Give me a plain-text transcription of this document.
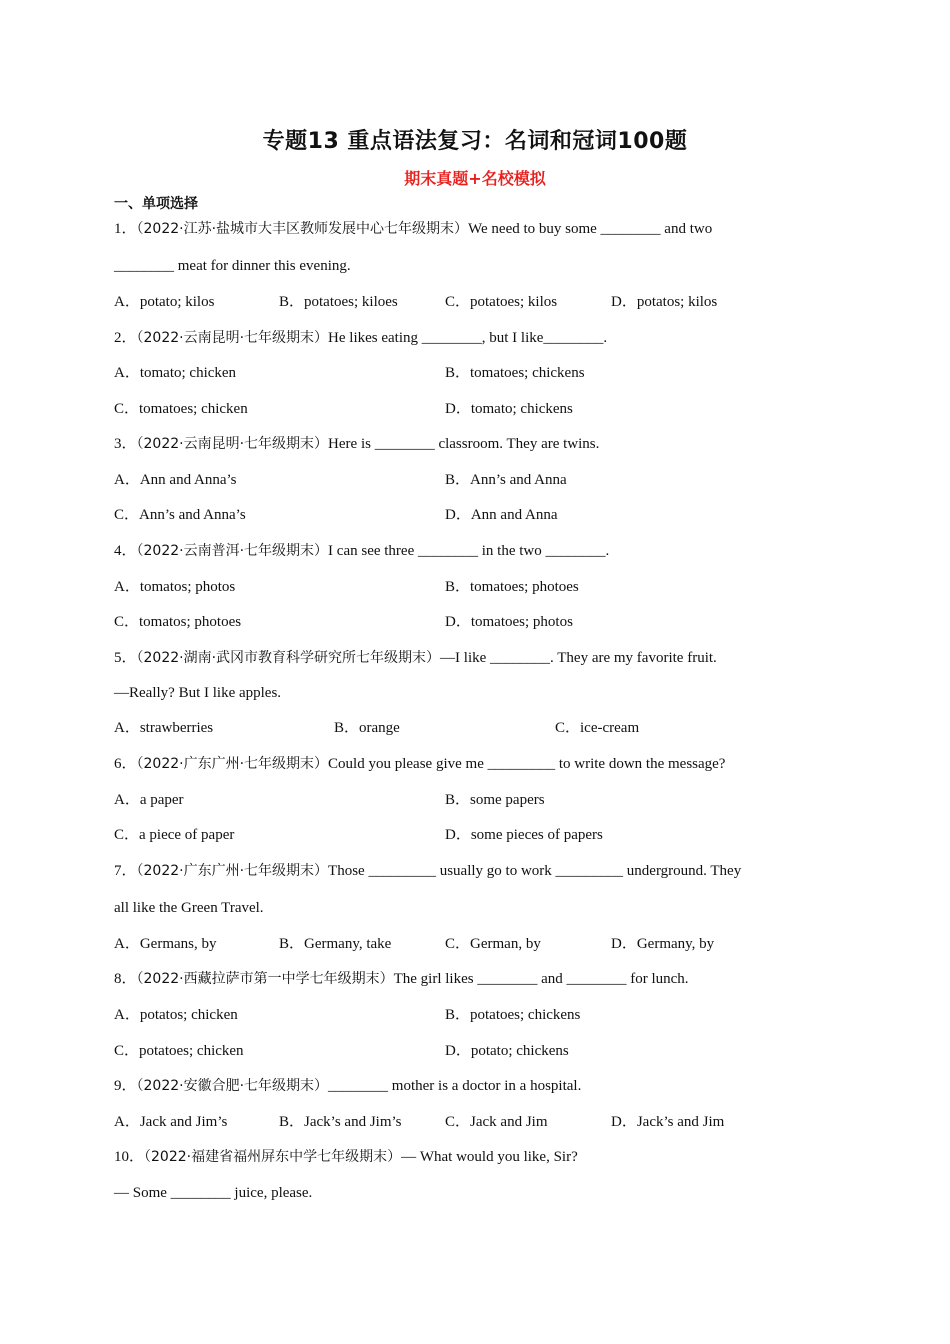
专题13 重点语法复习：名词和冠词100题
期末真题+名校模拟
一、单项选择
1．（2022·江苏·盐城市大丰区教师发展中心七年级期末）We need to buy some ________ and two
________ meat for dinner this evening.
A．potato; kilos	B．potatoes; kiloes	C．potatoes; kilos	D．potatos; kilos
2．（2022·云南昆明·七年级期末）He likes eating ________, but I like________.
A．tomato; chicken	B．tomatoes; chickens
C．tomatoes; chicken	D．tomato; chickens
3．（2022·云南昆明·七年级期末）Here is ________ classroom. They are twins.
A．Ann and Anna’s	B．Ann’s and Anna
C．Ann’s and Anna’s	D．Ann and Anna
4．（2022·云南普洱·七年级期末）I can see three ________ in the two ________.
A．tomatos; photos	B．tomatoes; photoes
C．tomatos; photoes	D．tomatoes; photos
5．（2022·湖南·武冈市教育科学研究所七年级期末）—I like ________. They are my favorite fruit.
—Really? But I like apples.
A．strawberries	B．orange	C．ice-cream
6．（2022·广东广州·七年级期末）Could you please give me _________ to write down the message?
A．a paper	B．some papers
C．a piece of paper	D．some pieces of papers
7．（2022·广东广州·七年级期末）Those _________ usually go to work _________ underground. They
all like the Green Travel.
A．Germans, by	B．Germany, take	C．German, by	D．Germany, by
8．（2022·西藏拉萨市第一中学七年级期末）The girl likes ________ and ________ for lunch.
A．potatos; chicken	B．potatoes; chickens
C．potatoes; chicken	D．potato; chickens
9．（2022·安徽合肥·七年级期末）________ mother is a doctor in a hospital.
A．Jack and Jim’s	B．Jack’s and Jim’s	C．Jack and Jim	D．Jack’s and Jim
10．（2022·福建省福州屏东中学七年级期末）— What would you like, Sir?
— Some ________ juice, please.
